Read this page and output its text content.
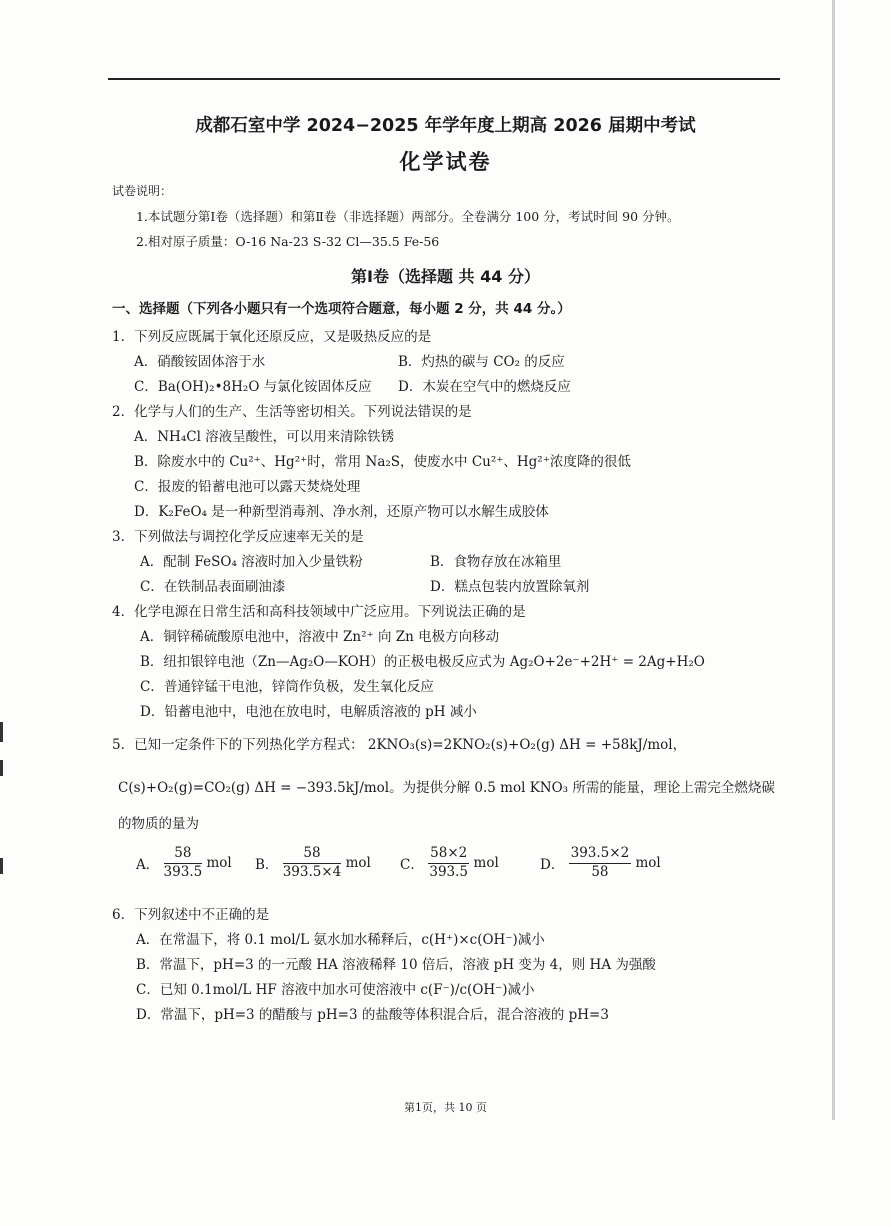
成都石室中学 2024−2025 年学年度上期高 2026 届期中考试
化学试卷
试卷说明：
1.本试题分第Ⅰ卷（选择题）和第Ⅱ卷（非选择题）两部分。全卷满分 100 分，考试时间 90 分钟。
2.相对原子质量：O-16 Na-23 S-32 Cl—35.5 Fe-56
第Ⅰ卷（选择题 共 44 分）
一、选择题（下列各小题只有一个选项符合题意，每小题 2 分，共 44 分。）
1．下列反应既属于氧化还原反应，又是吸热反应的是
A．硝酸铵固体溶于水	B．灼热的碳与 CO₂ 的反应
C．Ba(OH)₂•8H₂O 与氯化铵固体反应 D．木炭在空气中的燃烧反应
2．化学与人们的生产、生活等密切相关。下列说法错误的是
A．NH₄Cl 溶液呈酸性，可以用来清除铁锈
B．除废水中的 Cu²⁺、Hg²⁺时，常用 Na₂S，使废水中 Cu²⁺、Hg²⁺浓度降的很低
C．报废的铅蓄电池可以露天焚烧处理
D．K₂FeO₄ 是一种新型消毒剂、净水剂，还原产物可以水解生成胶体
3．下列做法与调控化学反应速率无关的是
A．配制 FeSO₄ 溶液时加入少量铁粉	B．食物存放在冰箱里
C．在铁制品表面刷油漆	D．糕点包装内放置除氧剂
4．化学电源在日常生活和高科技领域中广泛应用。下列说法正确的是
A．铜锌稀硫酸原电池中，溶液中 Zn²⁺ 向 Zn 电极方向移动
B．纽扣银锌电池（Zn—Ag₂O—KOH）的正极电极反应式为 Ag₂O+2e⁻+2H⁺ = 2Ag+H₂O
C．普通锌锰干电池，锌筒作负极，发生氧化反应
D．铅蓄电池中，电池在放电时，电解质溶液的 pH 减小
5．已知一定条件下的下列热化学方程式： 2KNO₃(s)=2KNO₂(s)+O₂(g) ΔH = +58kJ/mol，
C(s)+O₂(g)=CO₂(g) ΔH = −393.5kJ/mol。为提供分解 0.5 mol KNO₃ 所需的能量，理论上需完全燃烧碳
的物质的量为
A． $\frac{58}{393.5}$ mol B． $\frac{58}{393.5\times 4}$ mol C． $\frac{58\times 2}{393.5}$ mol	D． $\frac{393.5\times 2}{58}$ mol
6．下列叙述中不正确的是
A．在常温下，将 0.1 mol/L 氨水加水稀释后，c(H⁺)×c(OH⁻)减小
B．常温下，pH=3 的一元酸 HA 溶液稀释 10 倍后，溶液 pH 变为 4，则 HA 为强酸
C．已知 0.1mol/L HF 溶液中加水可使溶液中 c(F⁻)/c(OH⁻)减小
D．常温下，pH=3 的醋酸与 pH=3 的盐酸等体积混合后，混合溶液的 pH=3
第1页，共 10 页
